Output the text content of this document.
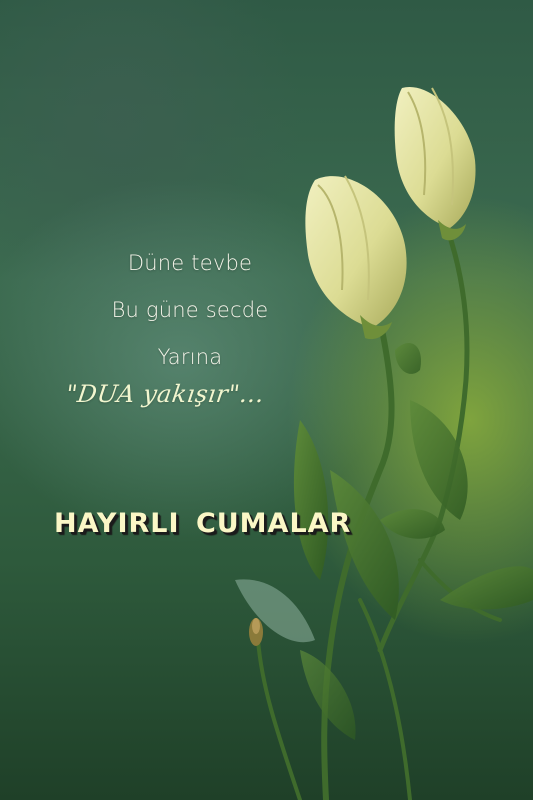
Düne tevbe
Bu güne secde
Yarına
"DUA yakışır"...
HAYIRLI CUMALAR
